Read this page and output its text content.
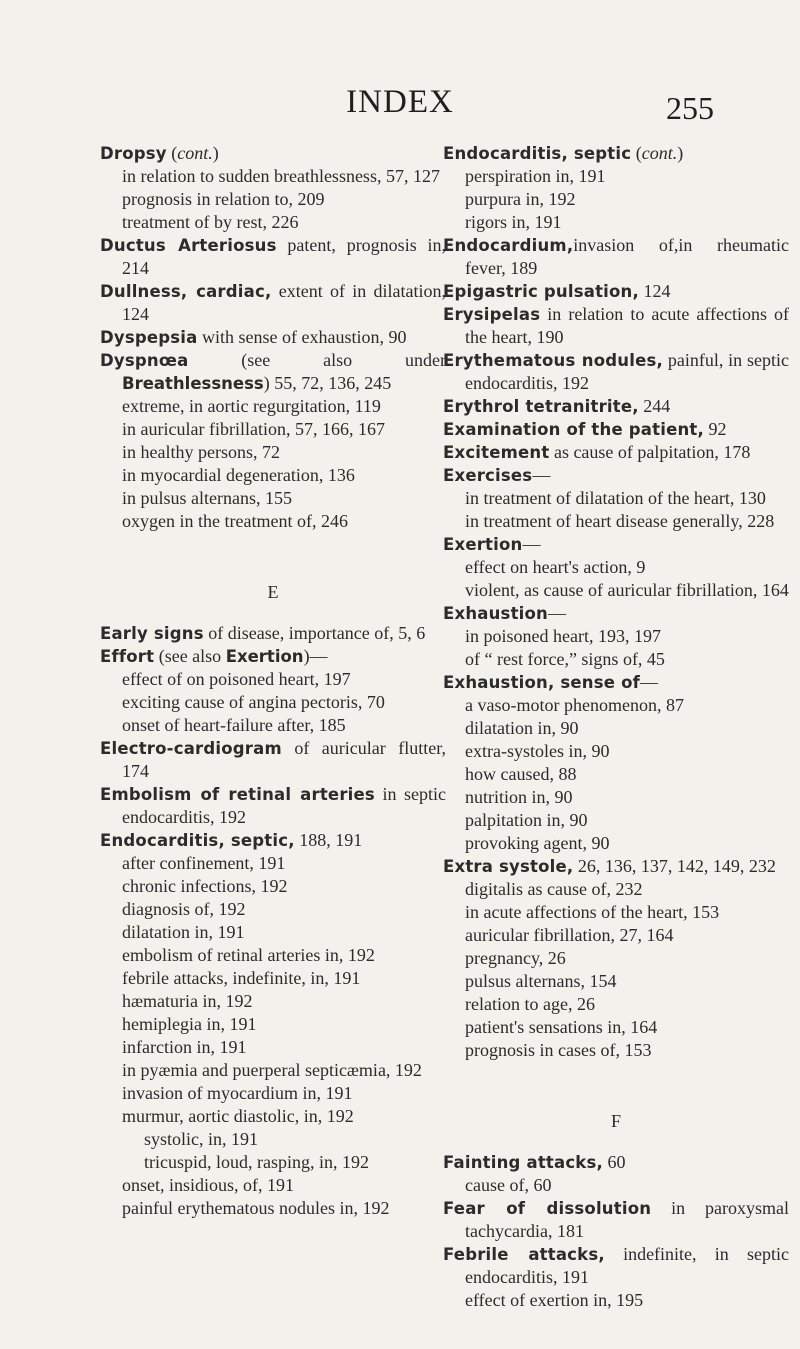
INDEX	255
Dropsy (cont.)
in relation to sudden breathlessness, 57, 127
prognosis in relation to, 209
treatment of by rest, 226
Ductus Arteriosus patent, prognosis in, 214
Dullness, cardiac, extent of in dilatation, 124
Dyspepsia with sense of exhaustion, 90
Dyspnœa (see also under Breathlessness) 55, 72, 136, 245
extreme, in aortic regurgitation, 119
in auricular fibrillation, 57, 166, 167
in healthy persons, 72
in myocardial degeneration, 136
in pulsus alternans, 155
oxygen in the treatment of, 246
E
Early signs of disease, importance of, 5, 6
Effort (see also Exertion)—
effect of on poisoned heart, 197
exciting cause of angina pectoris, 70
onset of heart-failure after, 185
Electro-cardiogram of auricular flutter, 174
Embolism of retinal arteries in septic endocarditis, 192
Endocarditis, septic, 188, 191
after confinement, 191
chronic infections, 192
diagnosis of, 192
dilatation in, 191
embolism of retinal arteries in, 192
febrile attacks, indefinite, in, 191
hæmaturia in, 192
hemiplegia in, 191
infarction in, 191
in pyæmia and puerperal septicæmia, 192
invasion of myocardium in, 191
murmur, aortic diastolic, in, 192
systolic, in, 191
tricuspid, loud, rasping, in, 192
onset, insidious, of, 191
painful erythematous nodules in, 192
Endocarditis, septic (cont.)
perspiration in, 191
purpura in, 192
rigors in, 191
Endocardium,invasion of,in rheumatic fever, 189
Epigastric pulsation, 124
Erysipelas in relation to acute affections of the heart, 190
Erythematous nodules, painful, in septic endocarditis, 192
Erythrol tetranitrite, 244
Examination of the patient, 92
Excitement as cause of palpitation, 178
Exercises—
in treatment of dilatation of the heart, 130
in treatment of heart disease generally, 228
Exertion—
effect on heart's action, 9
violent, as cause of auricular fibrillation, 164
Exhaustion—
in poisoned heart, 193, 197
of “ rest force,” signs of, 45
Exhaustion, sense of—
a vaso-motor phenomenon, 87
dilatation in, 90
extra-systoles in, 90
how caused, 88
nutrition in, 90
palpitation in, 90
provoking agent, 90
Extra systole, 26, 136, 137, 142, 149, 232
digitalis as cause of, 232
in acute affections of the heart, 153
auricular fibrillation, 27, 164
pregnancy, 26
pulsus alternans, 154
relation to age, 26
patient's sensations in, 164
prognosis in cases of, 153
F
Fainting attacks, 60
cause of, 60
Fear of dissolution in paroxysmal tachycardia, 181
Febrile attacks, indefinite, in septic endocarditis, 191
effect of exertion in, 195
